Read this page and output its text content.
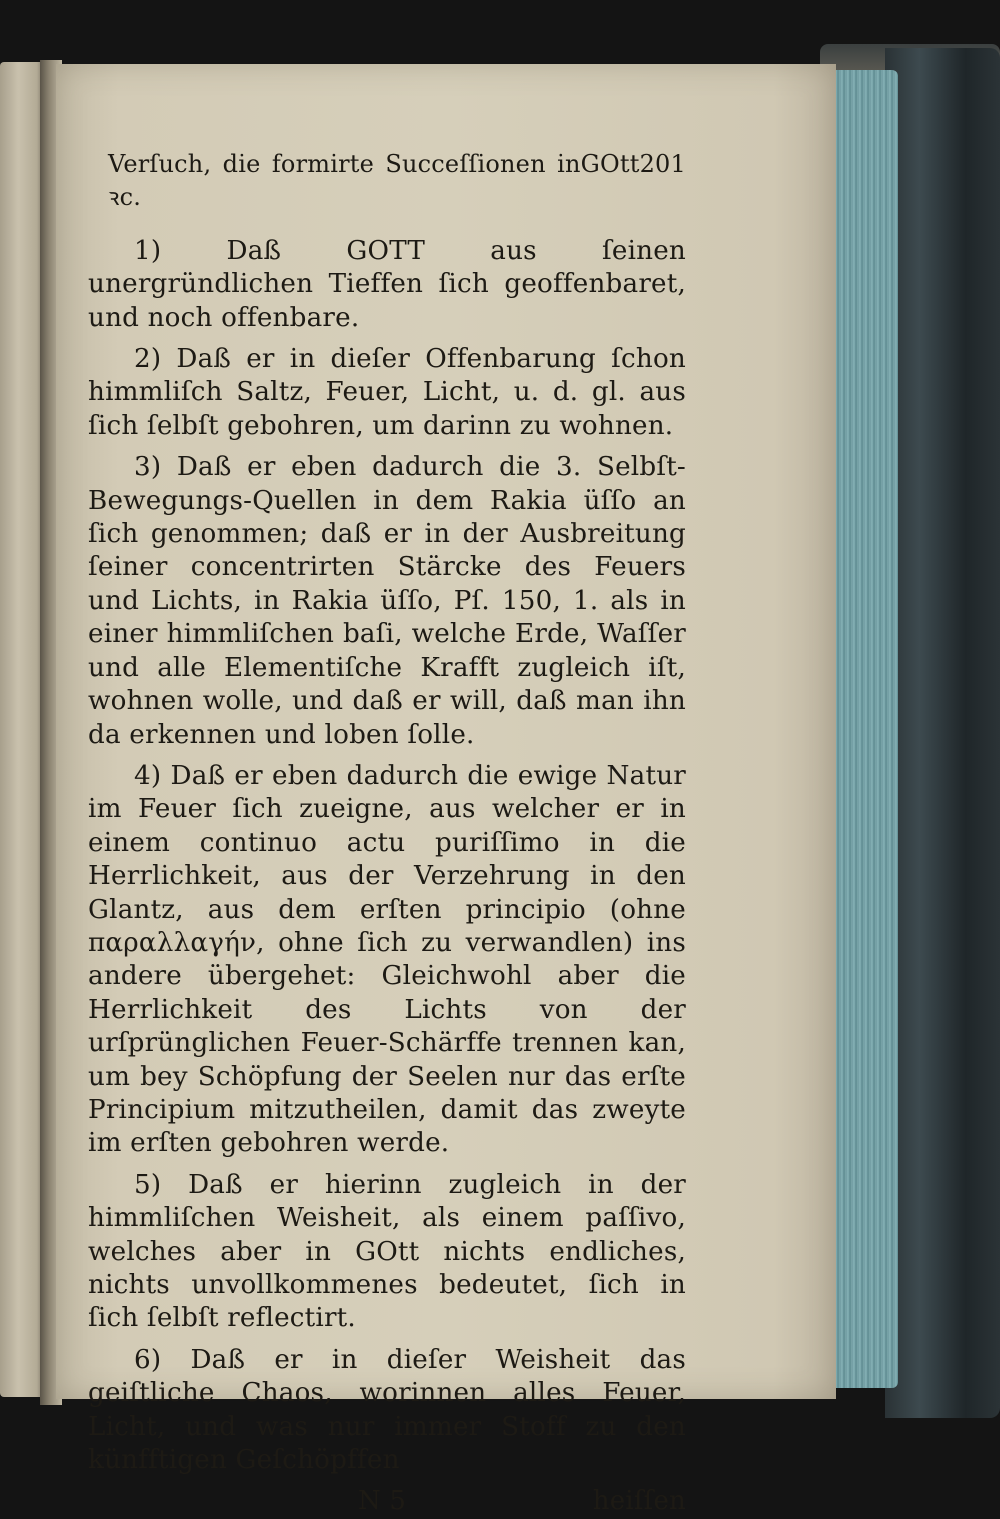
Verſuch, die formirte Succeſſionen inGOtt ꝛc.
201

1) Daß GOTT aus ſeinen unergründlichen Tieffen ſich geoffenbaret, und noch offenbare.

2) Daß er in dieſer Offenbarung ſchon himmliſch Saltz, Feuer, Licht, u. d. gl. aus ſich ſelbſt gebohren, um darinn zu wohnen.

3) Daß er eben dadurch die 3. Selbſt-Bewegungs-Quellen in dem Rakia üſſo an ſich genommen; daß er in der Ausbreitung ſeiner concentrirten Stärcke des Feuers und Lichts, in Rakia üſſo, Pſ. 150, 1. als in einer himmliſchen baſi, welche Erde, Waſſer und alle Elementiſche Krafft zugleich iſt, wohnen wolle, und daß er will, daß man ihn da erkennen und loben ſolle.

4) Daß er eben dadurch die ewige Natur im Feuer ſich zueigne, aus welcher er in einem continuo actu puriſſimo in die Herrlichkeit, aus der Verzehrung in den Glantz, aus dem erſten principio (ohne παραλλαγήν, ohne ſich zu verwandlen) ins andere übergehet: Gleichwohl aber die Herrlichkeit des Lichts von der urſprünglichen Feuer-Schärffe trennen kan, um bey Schöpfung der Seelen nur das erſte Principium mitzutheilen, damit das zweyte im erſten gebohren werde.

5) Daß er hierinn zugleich in der himmliſchen Weisheit, als einem paſſivo, welches aber in GOtt nichts endliches, nichts unvollkommenes bedeutet, ſich in ſich ſelbſt reflectirt.

6) Daß er in dieſer Weisheit das geiſtliche Chaos, worinnen alles Feuer, Licht, und was nur immer Stoff zu den künfftigen Geſchöpffen

N 5	heiſſen
